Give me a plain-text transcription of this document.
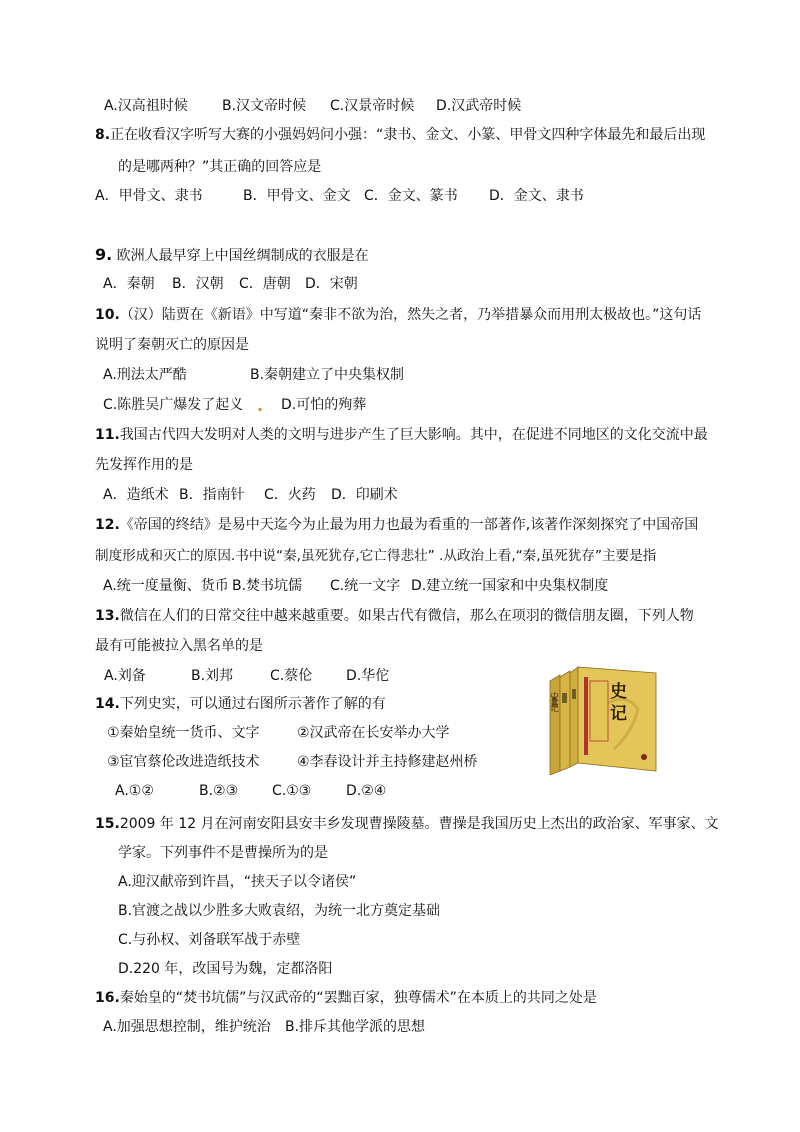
A.汉高祖时候 B.汉文帝时候 C.汉景帝时候 D.汉武帝时候
8.正在收看汉字听写大赛的小强妈妈问小强：“隶书、金文、小篆、甲骨文四种字体最先和最后出现
的是哪两种？”其正确的回答应是
A．甲骨文、隶书	B．甲骨文、金文 C．金文、篆书 D．金文、隶书
9. 欧洲人最早穿上中国丝绸制成的衣服是在
A．秦朝 B．汉朝 C．唐朝 D．宋朝
10.（汉）陆贾在《新语》中写道“秦非不欲为治，然失之者，乃举措暴众而用刑太极故也。”这句话
说明了秦朝灭亡的原因是
A.刑法太严酷	B.秦朝建立了中央集权制
C.陈胜吴广爆发了起义 . D.可怕的殉葬
11.我国古代四大发明对人类的文明与进步产生了巨大影响。其中，在促进不同地区的文化交流中最
先发挥作用的是
A．造纸术 B．指南针 C．火药 D．印刷术
12.《帝国的终结》是易中天迄今为止最为用力也最为看重的一部著作,该著作深刻探究了中国帝国
制度形成和灭亡的原因.书中说“秦,虽死犹存,它亡得悲壮” .从政治上看,“秦,虽死犹存”主要是指
A.统一度量衡、货币 B.焚书坑儒 C.统一文字 D.建立统一国家和中央集权制度
13.微信在人们的日常交往中越来越重要。如果古代有微信，那么在项羽的微信朋友圈，下列人物
最有可能被拉入黑名单的是
A.刘备	B.刘邦	C.蔡伦 D.华佗
14.下列史实，可以通过右图所示著作了解的有
①秦始皇统一货币、文字	②汉武帝在长安举办大学
③宦官蔡伦改进造纸技术	④李春设计并主持修建赵州桥
A.①②	B.②③ C.①③ D.②④
史记
史记
15.2009 年 12 月在河南安阳县安丰乡发现曹操陵墓。曹操是我国历史上杰出的政治家、军事家、文
学家。下列事件不是曹操所为的是
A.迎汉献帝到许昌，“挟天子以令诸侯”
B.官渡之战以少胜多大败袁绍，为统一北方奠定基础
C.与孙权、刘备联军战于赤壁
D.220 年，改国号为魏，定都洛阳
16.秦始皇的“焚书坑儒”与汉武帝的“罢黜百家，独尊儒术”在本质上的共同之处是
A.加强思想控制，维护统治 B.排斥其他学派的思想
